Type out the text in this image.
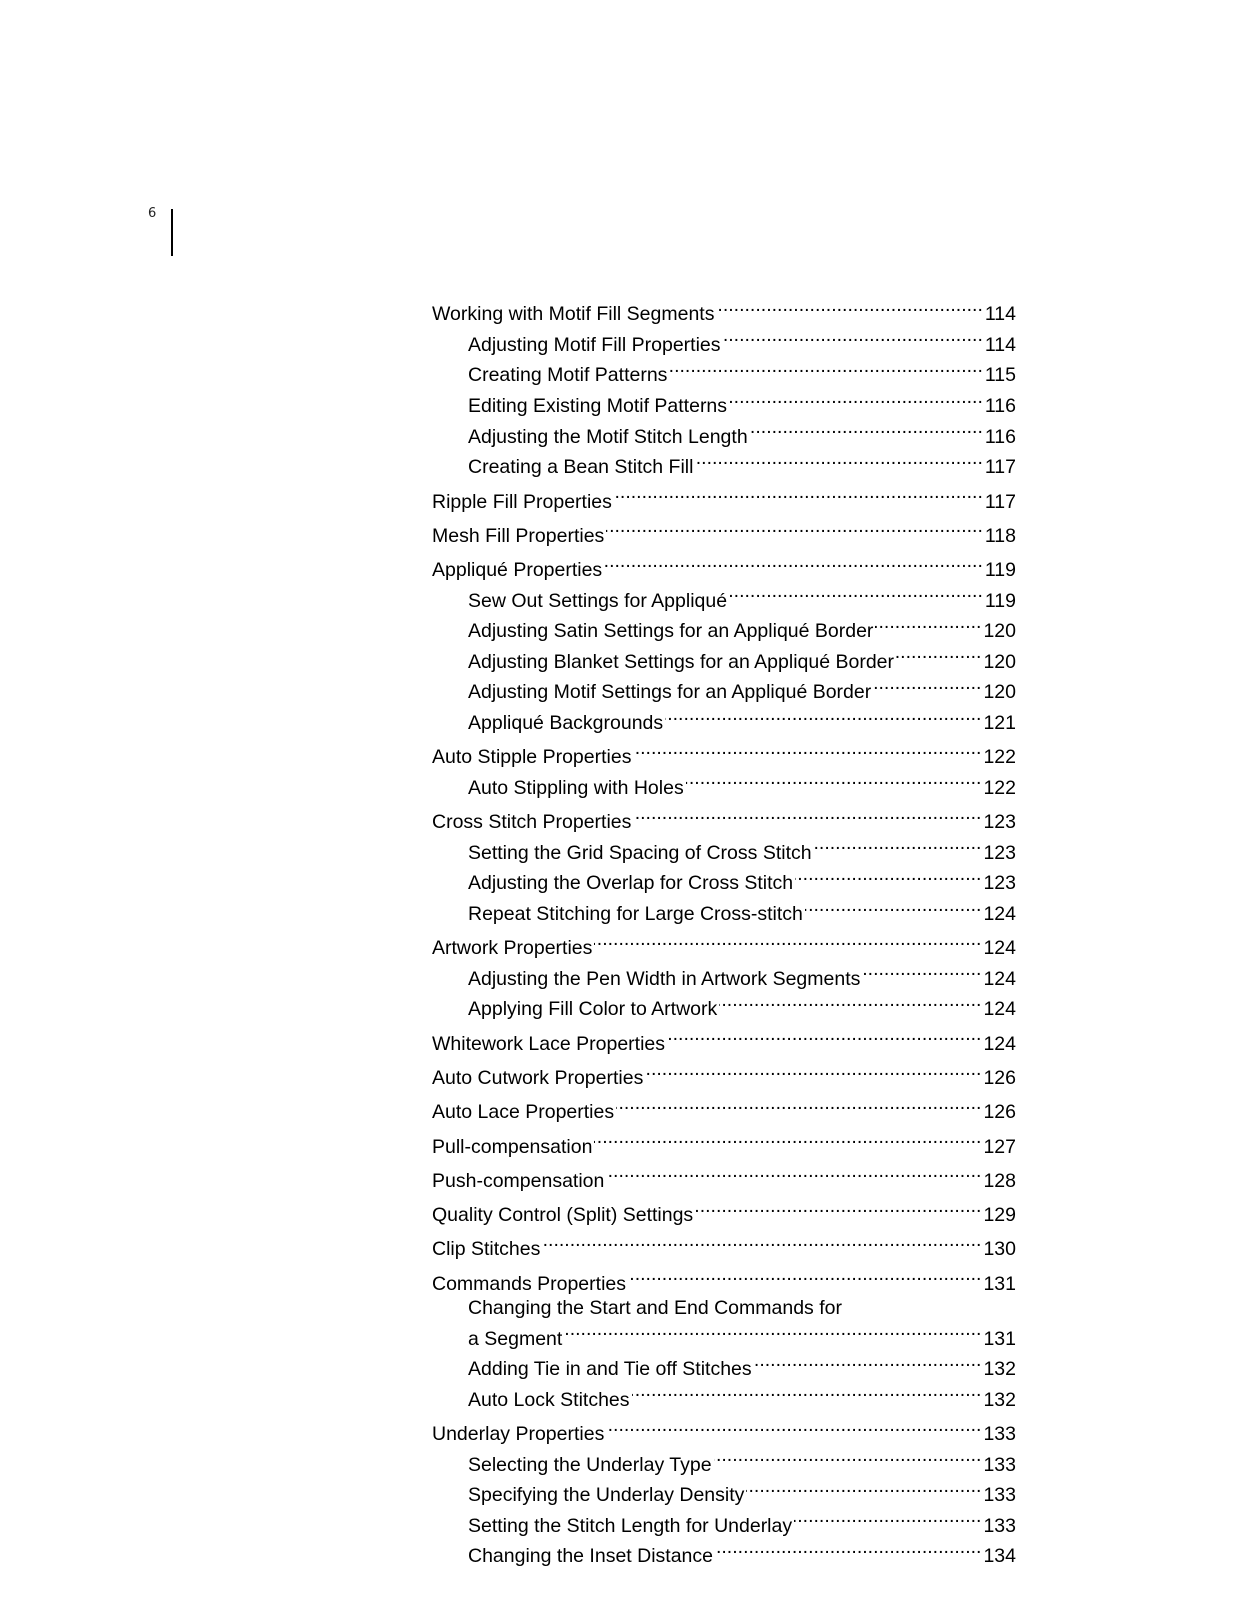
6
Working with Motif Fill Segments .....	114
Adjusting Motif Fill Properties .....	114
Creating Motif Patterns .....	115
Editing Existing Motif Patterns .....	116
Adjusting the Motif Stitch Length .....	116
Creating a Bean Stitch Fill .....	117
Ripple Fill Properties .....	117
Mesh Fill Properties .....	118
Appliqué Properties .....	119
Sew Out Settings for Appliqué .....	119
Adjusting Satin Settings for an Appliqué Border .....	120
Adjusting Blanket Settings for an Appliqué Border .....	120
Adjusting Motif Settings for an Appliqué Border .....	120
Appliqué Backgrounds .....	121
Auto Stipple Properties .....	122
Auto Stippling with Holes .....	122
Cross Stitch Properties .....	123
Setting the Grid Spacing of Cross Stitch .....	123
Adjusting the Overlap for Cross Stitch .....	123
Repeat Stitching for Large Cross-stitch .....	124
Artwork Properties .....	124
Adjusting the Pen Width in Artwork Segments .....	124
Applying Fill Color to Artwork .....	124
Whitework Lace Properties .....	124
Auto Cutwork Properties .....	126
Auto Lace Properties .....	126
Pull-compensation .....	127
Push-compensation .....	128
Quality Control (Split) Settings .....	129
Clip Stitches .....	130
Commands Properties .....	131
Changing the Start and End Commands for
a Segment .....	131
Adding Tie in and Tie off Stitches .....	132
Auto Lock Stitches .....	132
Underlay Properties .....	133
Selecting the Underlay Type .....	133
Specifying the Underlay Density .....	133
Setting the Stitch Length for Underlay .....	133
Changing the Inset Distance .....	134
